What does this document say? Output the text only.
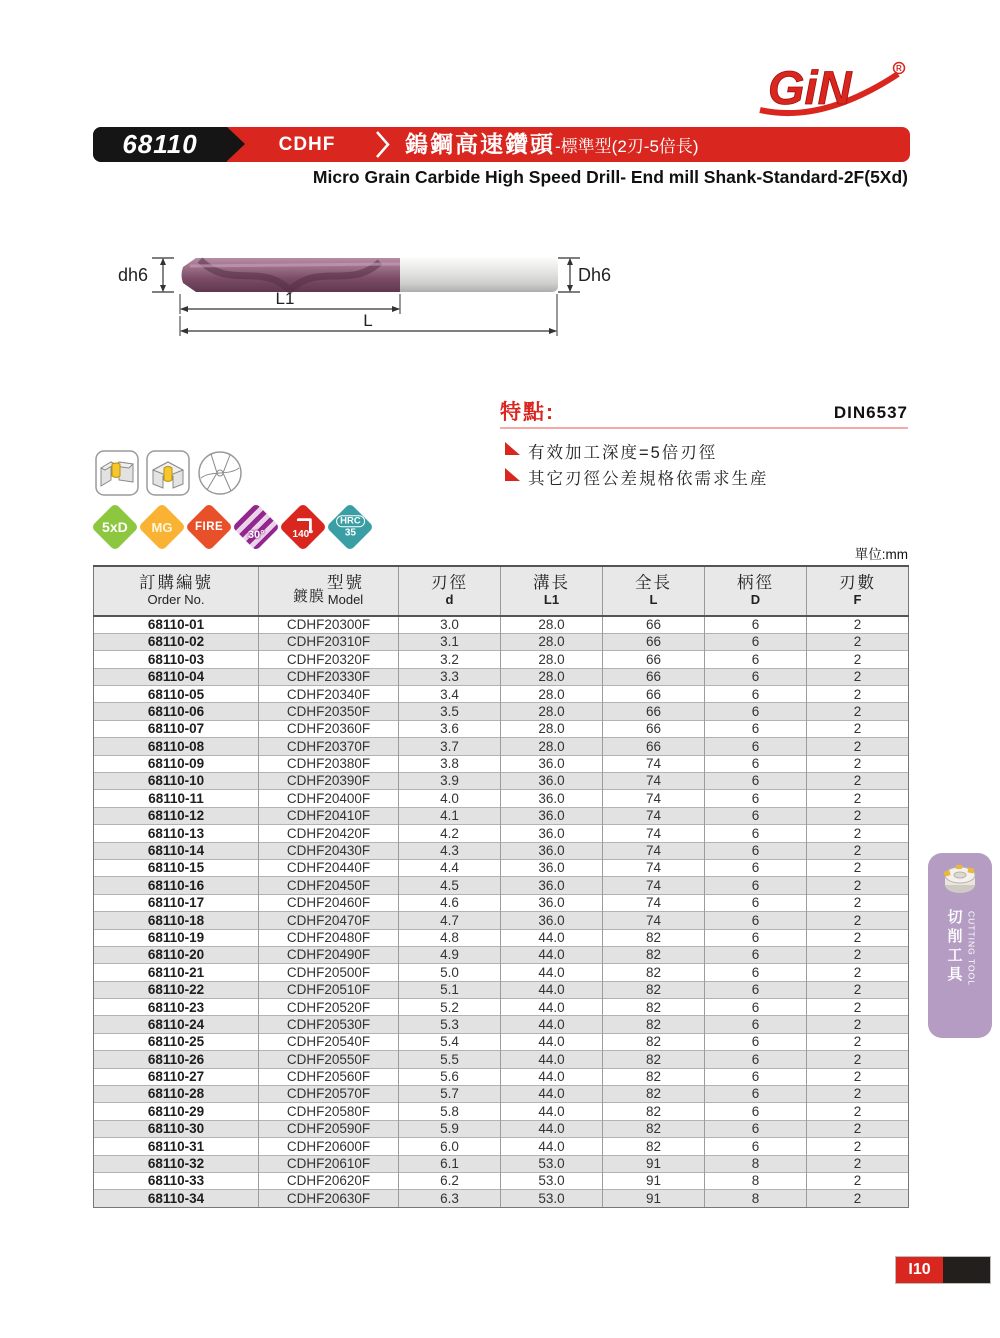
GiN	R
68110	CDHF	鎢鋼高速鑽頭-標準型(2刃-5倍長)
Micro Grain Carbide High Speed Drill- End mill Shank-Standard-2F(5Xd)
dh6	Dh6
L1
L
特點:	DIN6537
有效加工深度=5倍刃徑
其它刃徑公差規格依需求生産
5xD MG FIRE
30°	140°
HRC
35
單位:mm
訂購編號
Order No.	鍍膜
型號
Model	刃徑
d	溝長
L1	全長
L	柄徑
D	刃數
F

68110-01	CDHF20300F	3.0	28.0	66	6	2
68110-02	CDHF20310F	3.1	28.0	66	6	2
68110-03	CDHF20320F	3.2	28.0	66	6	2
68110-04	CDHF20330F	3.3	28.0	66	6	2
68110-05	CDHF20340F	3.4	28.0	66	6	2
68110-06	CDHF20350F	3.5	28.0	66	6	2
68110-07	CDHF20360F	3.6	28.0	66	6	2
68110-08	CDHF20370F	3.7	28.0	66	6	2
68110-09	CDHF20380F	3.8	36.0	74	6	2
68110-10	CDHF20390F	3.9	36.0	74	6	2
68110-11	CDHF20400F	4.0	36.0	74	6	2
68110-12	CDHF20410F	4.1	36.0	74	6	2
68110-13	CDHF20420F	4.2	36.0	74	6	2
68110-14	CDHF20430F	4.3	36.0	74	6	2
68110-15	CDHF20440F	4.4	36.0	74	6	2
68110-16	CDHF20450F	4.5	36.0	74	6	2
68110-17	CDHF20460F	4.6	36.0	74	6	2
68110-18	CDHF20470F	4.7	36.0	74	6	2
68110-19	CDHF20480F	4.8	44.0	82	6	2
68110-20	CDHF20490F	4.9	44.0	82	6	2
68110-21	CDHF20500F	5.0	44.0	82	6	2
68110-22	CDHF20510F	5.1	44.0	82	6	2
68110-23	CDHF20520F	5.2	44.0	82	6	2
68110-24	CDHF20530F	5.3	44.0	82	6	2
68110-25	CDHF20540F	5.4	44.0	82	6	2
68110-26	CDHF20550F	5.5	44.0	82	6	2
68110-27	CDHF20560F	5.6	44.0	82	6	2
68110-28	CDHF20570F	5.7	44.0	82	6	2
68110-29	CDHF20580F	5.8	44.0	82	6	2
68110-30	CDHF20590F	5.9	44.0	82	6	2
68110-31	CDHF20600F	6.0	44.0	82	6	2
68110-32	CDHF20610F	6.1	53.0	91	8	2
68110-33	CDHF20620F	6.2	53.0	91	8	2
68110-34	CDHF20630F	6.3	53.0	91	8	2
切削工具 CUTTING TOOL
I10
